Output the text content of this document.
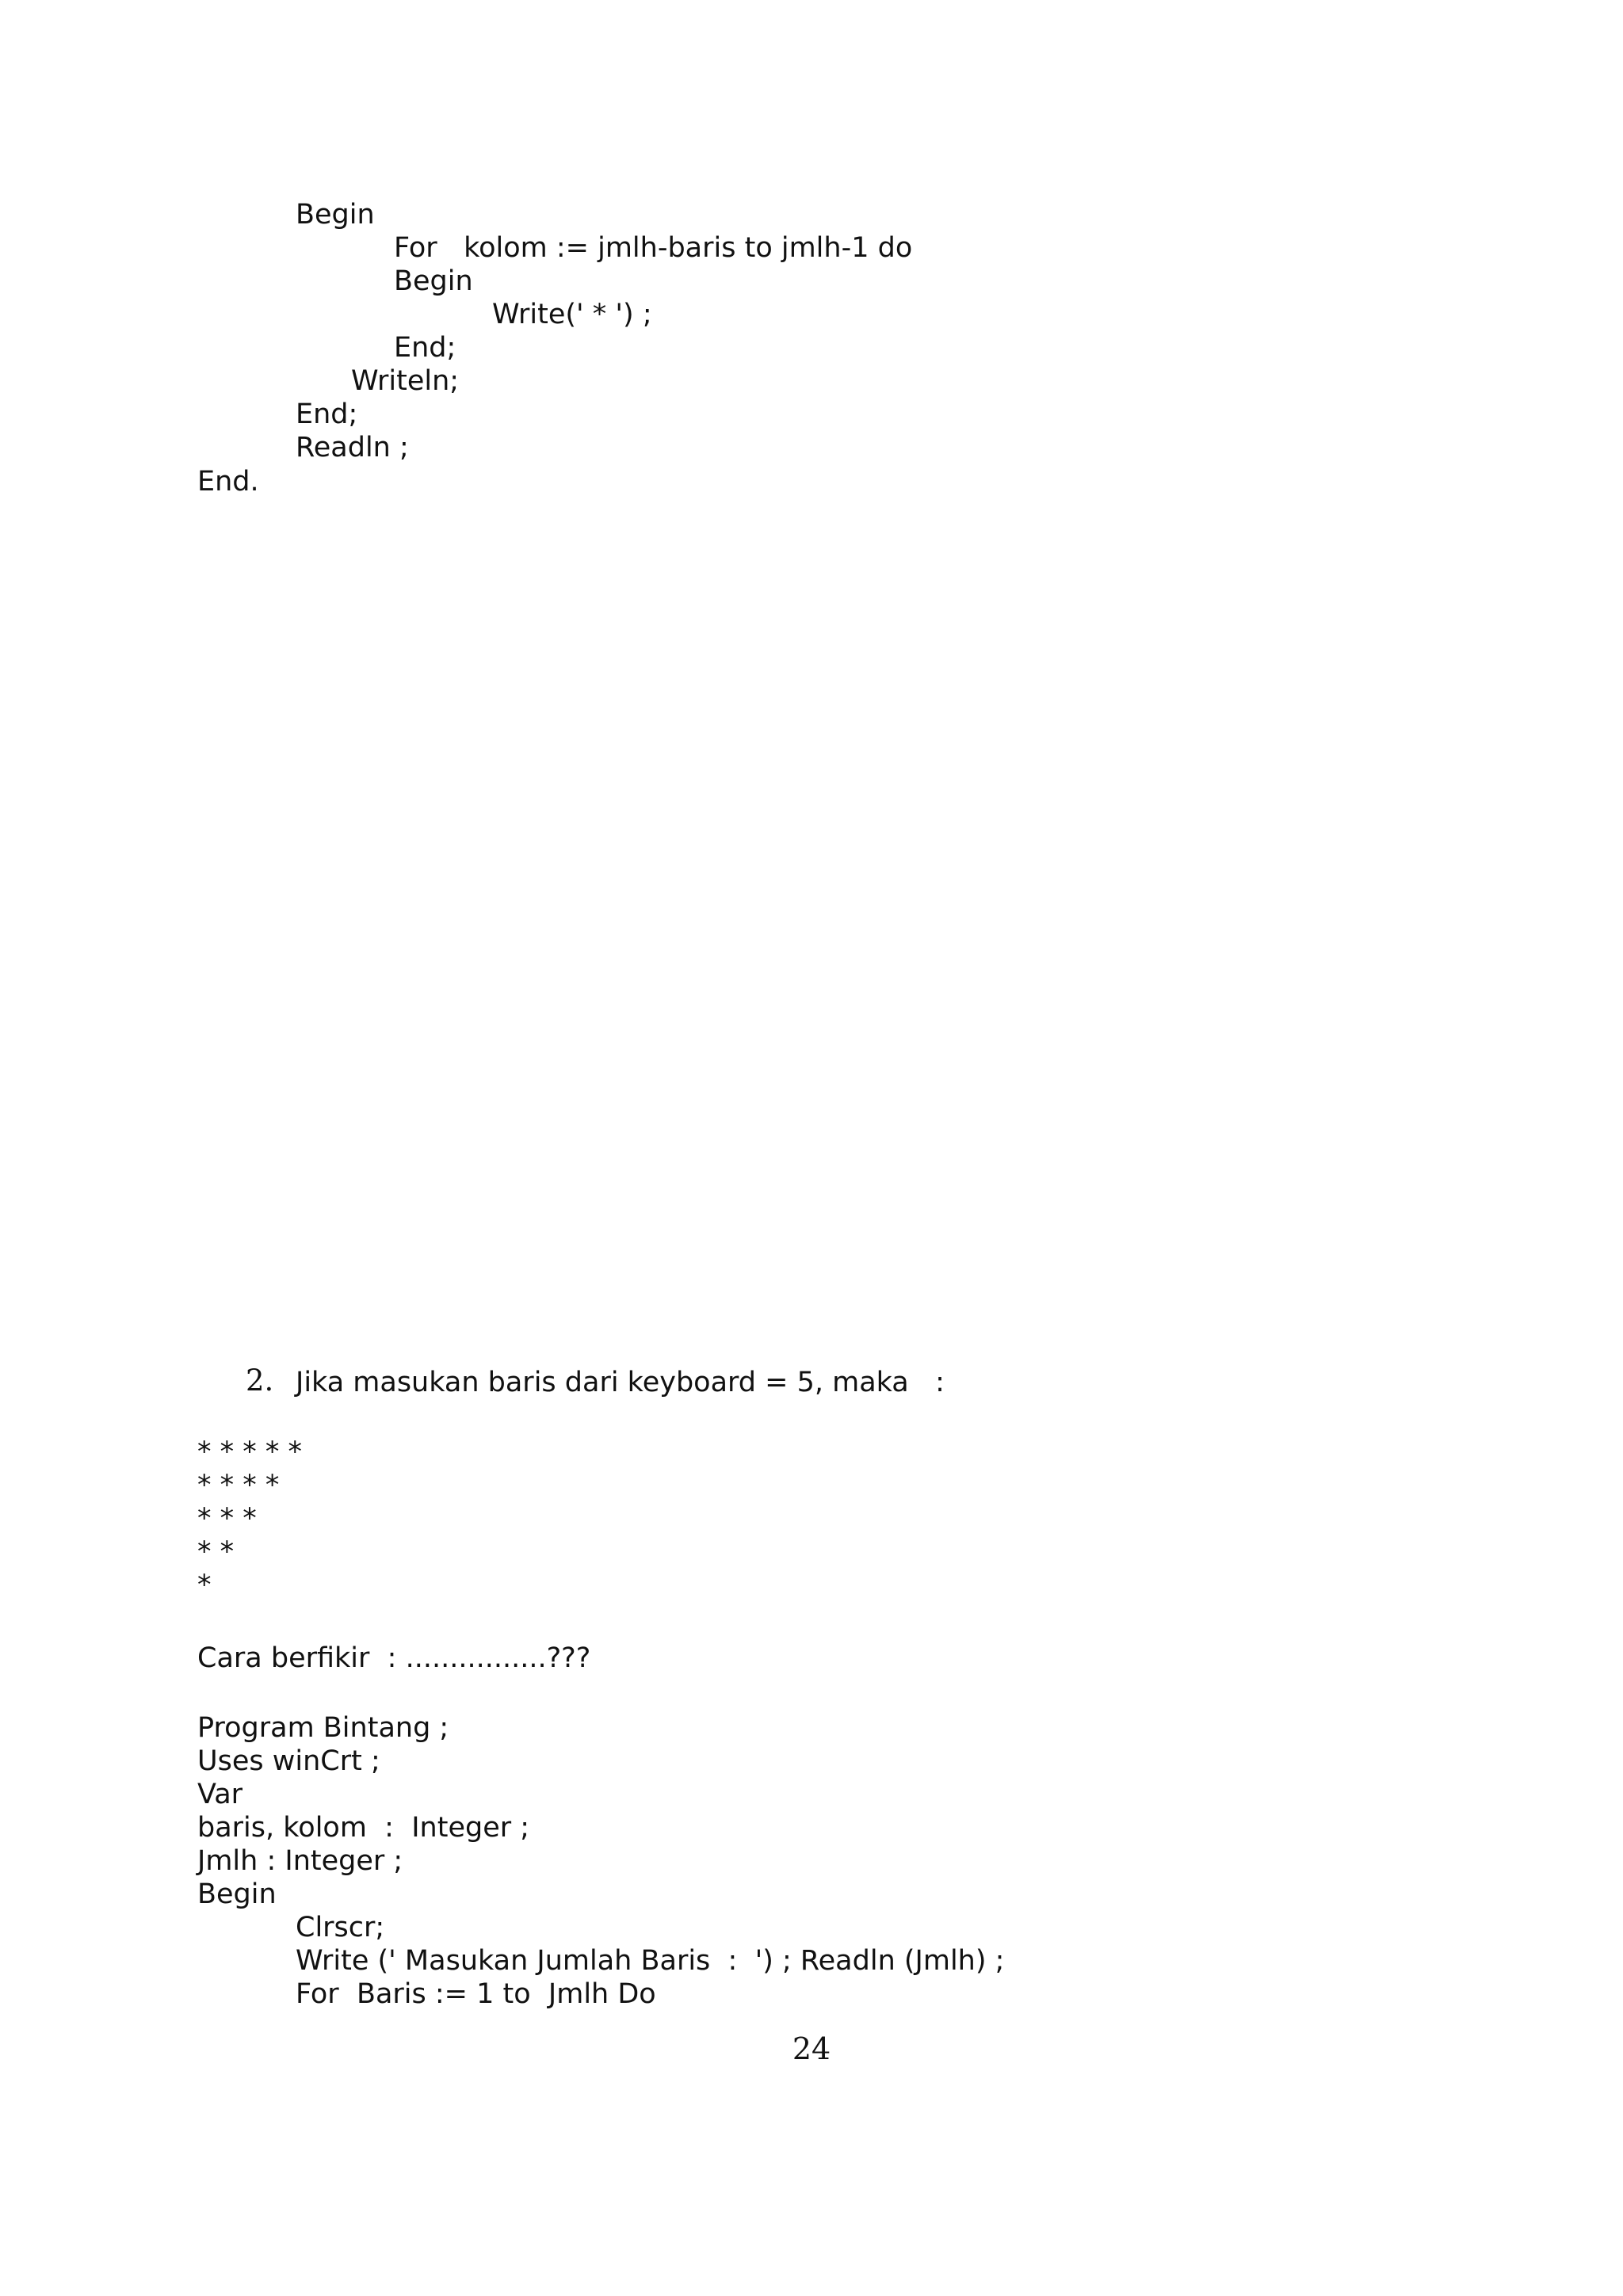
Begin
For   kolom := jmlh-baris to jmlh-1 do
Begin
Write(' * ') ;
End;
Writeln;
End;
Readln ;
End.
2. Jika masukan baris dari keyboard = 5, maka   :
* * * * *
* * * *
* * *
* *
*
Cara berfikir  : ................???
Program Bintang ;
Uses winCrt ;
Var
baris, kolom  :  Integer ;
Jmlh : Integer ;
Begin
Clrscr;
Write (' Masukan Jumlah Baris  :  ') ; Readln (Jmlh) ;
For  Baris := 1 to  Jmlh Do
24
